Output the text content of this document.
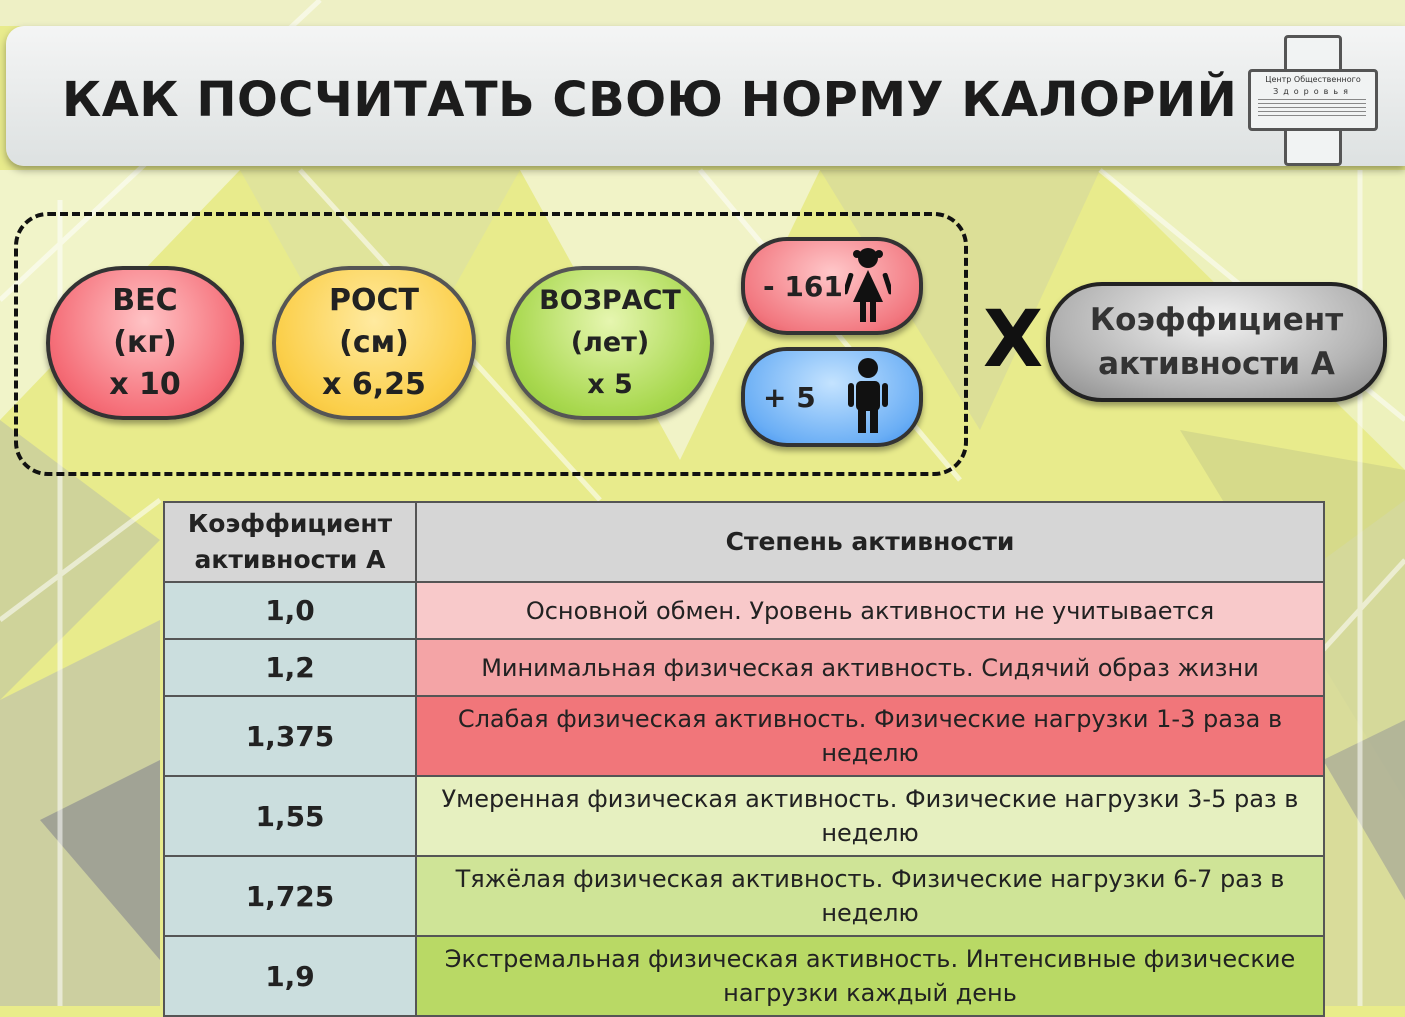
КАК ПОСЧИТАТЬ СВОЮ НОРМУ КАЛОРИЙ	Центр Общественного
Здоровья
ВЕС
(кг)
x 10
РОСТ
(см)
x 6,25
ВОЗРАСТ
(лет)
x 5
- 161
+ 5
Х Коэффициент
активности А
Коэффициент активности А	Степень активности
1,0	Основной обмен. Уровень активности не учитывается
1,2	Минимальная физическая активность. Сидячий образ жизни
1,375	Слабая физическая активность. Физические нагрузки 1-3 раза в неделю
1,55	Умеренная физическая активность. Физические нагрузки 3-5 раз в неделю
1,725	Тяжёлая физическая активность. Физические нагрузки 6-7 раз в неделю
1,9	Экстремальная физическая активность. Интенсивные физические нагрузки каждый день
